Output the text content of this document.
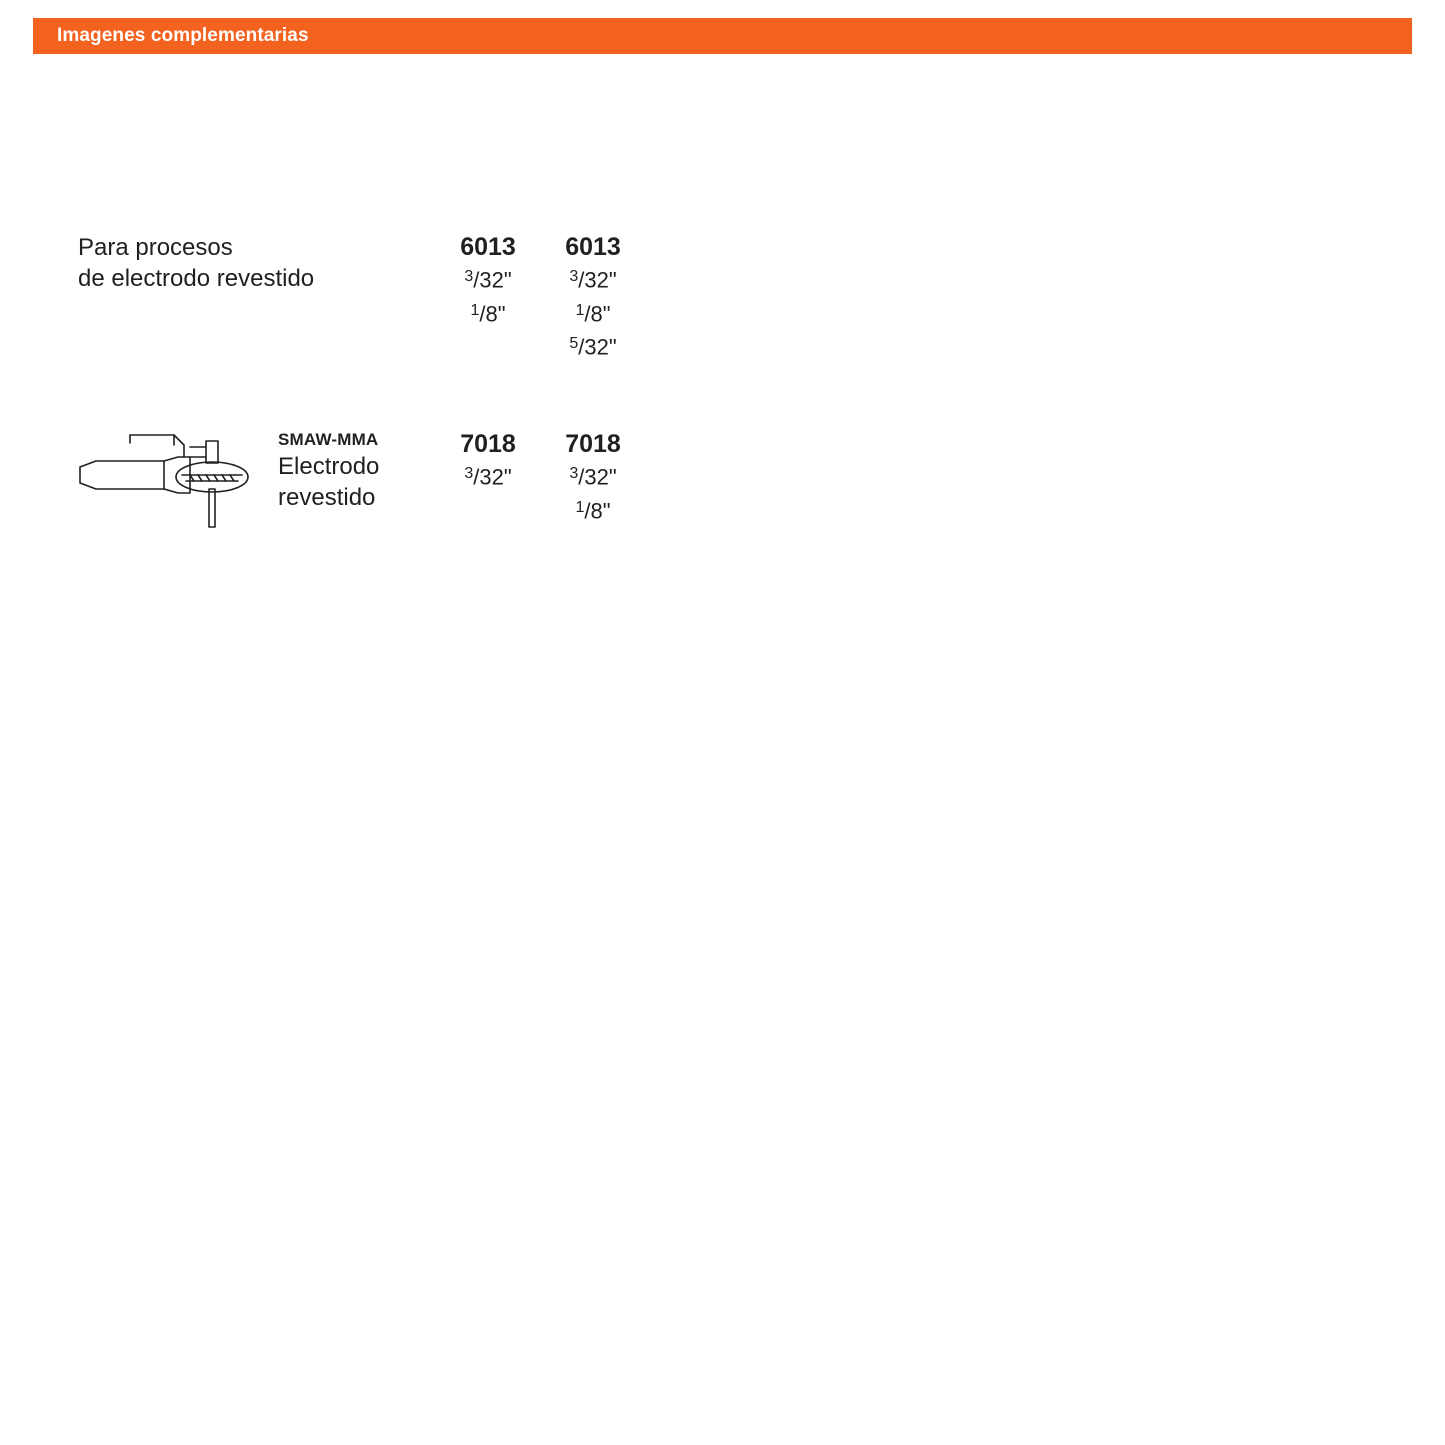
Imagenes complementarias
Para procesos
de electrodo revestido
6013
$^3$/32"
$^1$/8"
6013
$^3$/32"
$^1$/8"
$^5$/32"
SMAW-MMA
Electrodo
revestido
7018
$^3$/32"
7018
$^3$/32"
$^1$/8"
